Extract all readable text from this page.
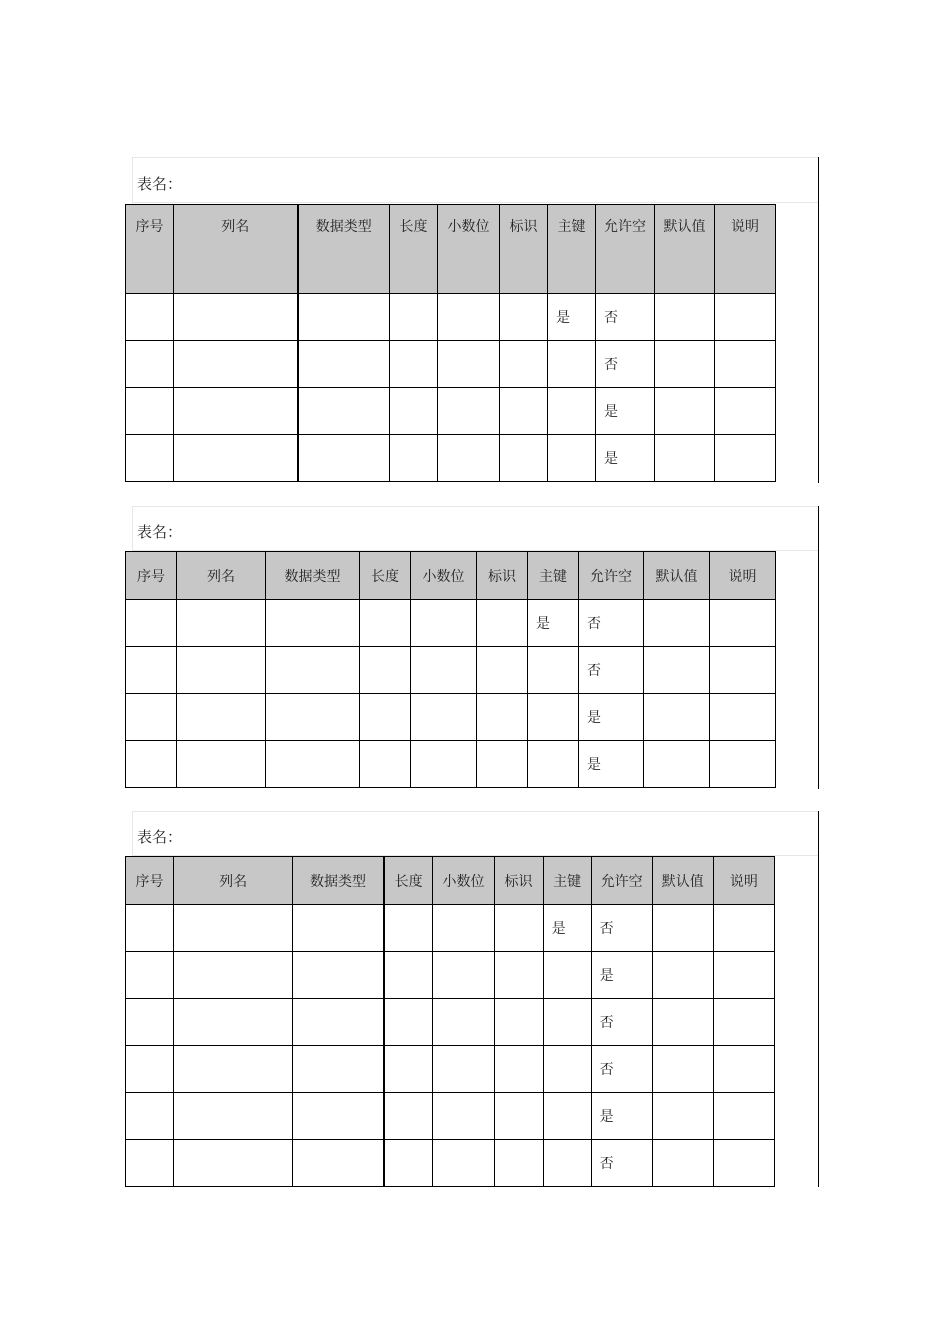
表名：
序号	列名	数据类型	长度	小数位	标识	主键	允许空	默认值	说明
						是	否		
							否		
							是		
							是		
表名：
序号	列名	数据类型	长度	小数位	标识	主键	允许空	默认值	说明
						是	否		
							否		
							是		
							是		
表名：
序号	列名	数据类型	长度	小数位	标识	主键	允许空	默认值	说明
						是	否		
							是		
							否		
							否		
							是		
							否		
